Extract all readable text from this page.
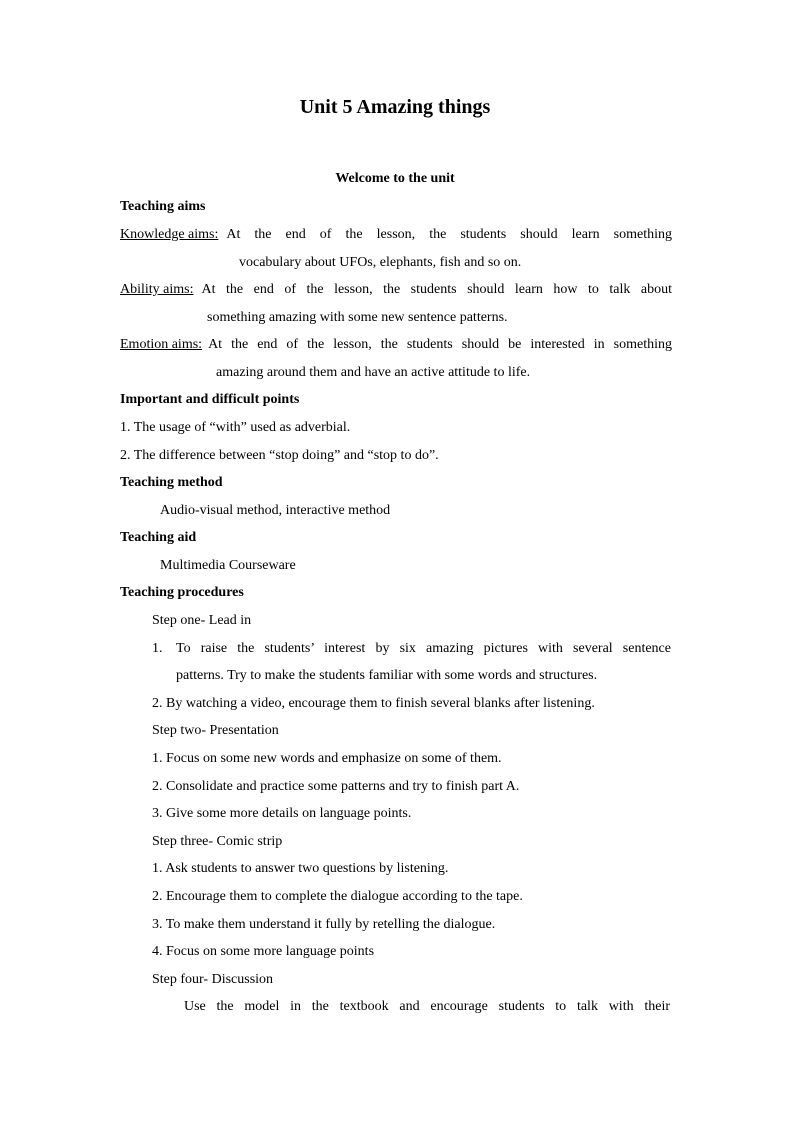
Unit 5 Amazing things
Welcome to the unit
Teaching aims
Knowledge aims: At the end of the lesson, the students should learn something
vocabulary about UFOs, elephants, fish and so on.
Ability aims: At the end of the lesson, the students should learn how to talk about
something amazing with some new sentence patterns.
Emotion aims: At the end of the lesson, the students should be interested in something
amazing around them and have an active attitude to life.
Important and difficult points
1. The usage of “with” used as adverbial.
2. The difference between “stop doing” and “stop to do”.
Teaching method
Audio-visual method, interactive method
Teaching aid
Multimedia Courseware
Teaching procedures
Step one- Lead in
1. To raise the students’ interest by six amazing pictures with several sentence
patterns. Try to make the students familiar with some words and structures.
2. By watching a video, encourage them to finish several blanks after listening.
Step two- Presentation
1. Focus on some new words and emphasize on some of them.
2. Consolidate and practice some patterns and try to finish part A.
3. Give some more details on language points.
Step three- Comic strip
1. Ask students to answer two questions by listening.
2. Encourage them to complete the dialogue according to the tape.
3. To make them understand it fully by retelling the dialogue.
4. Focus on some more language points
Step four- Discussion
Use the model in the textbook and encourage students to talk with their
